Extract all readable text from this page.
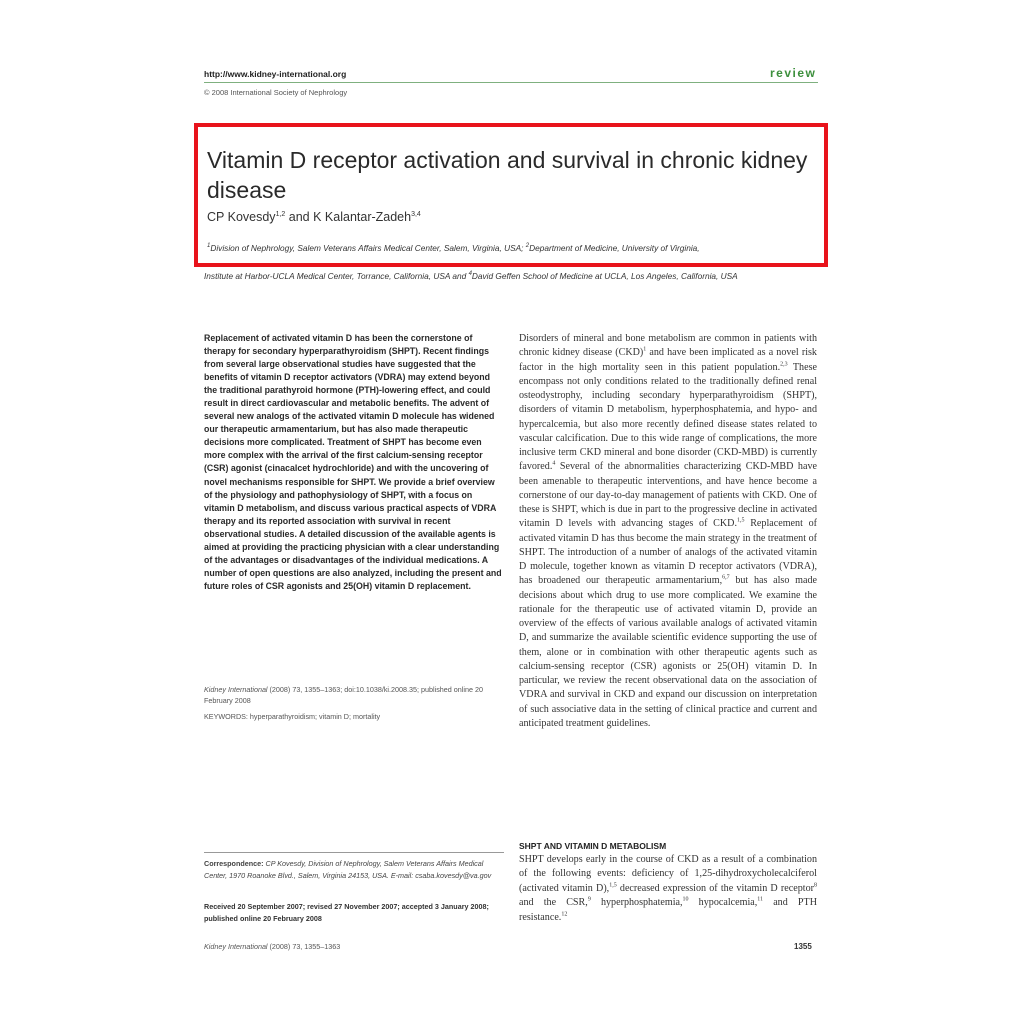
http://www.kidney-international.org	review
© 2008 International Society of Nephrology
Vitamin D receptor activation and survival in chronic kidney disease
CP Kovesdy$^{1,2}$ and K Kalantar-Zadeh$^{3,4}$
$^1$Division of Nephrology, Salem Veterans Affairs Medical Center, Salem, Virginia, USA; $^2$Department of Medicine, University of Virginia,
Institute at Harbor-UCLA Medical Center, Torrance, California, USA and $^4$David Geffen School of Medicine at UCLA, Los Angeles, California, USA
Replacement of activated vitamin D has been the cornerstone of therapy for secondary hyperparathyroidism (SHPT). Recent findings from several large observational studies have suggested that the benefits of vitamin D receptor activators (VDRA) may extend beyond the traditional parathyroid hormone (PTH)-lowering effect, and could result in direct cardiovascular and metabolic benefits. The advent of several new analogs of the activated vitamin D molecule has widened our therapeutic armamentarium, but has also made therapeutic decisions more complicated. Treatment of SHPT has become even more complex with the arrival of the first calcium-sensing receptor (CSR) agonist (cinacalcet hydrochloride) and with the uncovering of novel mechanisms responsible for SHPT. We provide a brief overview of the physiology and pathophysiology of SHPT, with a focus on vitamin D metabolism, and discuss various practical aspects of VDRA therapy and its reported association with survival in recent observational studies. A detailed discussion of the available agents is aimed at providing the practicing physician with a clear understanding of the advantages or disadvantages of the individual medications. A number of open questions are also analyzed, including the present and future roles of CSR agonists and 25(OH) vitamin D replacement.
Kidney International (2008) 73, 1355–1363; doi:10.1038/ki.2008.35; published online 20 February 2008
KEYWORDS: hyperparathyroidism; vitamin D; mortality
Correspondence: CP Kovesdy, Division of Nephrology, Salem Veterans Affairs Medical Center, 1970 Roanoke Blvd., Salem, Virginia 24153, USA. E-mail: csaba.kovesdy@va.gov
Received 20 September 2007; revised 27 November 2007; accepted 3 January 2008; published online 20 February 2008
Disorders of mineral and bone metabolism are common in patients with chronic kidney disease (CKD)$^1$ and have been implicated as a novel risk factor in the high mortality seen in this patient population.$^{2,3}$ These encompass not only conditions related to the traditionally defined renal osteodystrophy, including secondary hyperparathyroidism (SHPT), disorders of vitamin D metabolism, hyperphosphatemia, and hypo- and hypercalcemia, but also more recently defined disease states related to vascular calcification. Due to this wide range of complications, the more inclusive term CKD mineral and bone disorder (CKD-MBD) is currently favored.$^4$ Several of the abnormalities characterizing CKD-MBD have been amenable to therapeutic interventions, and have hence become a cornerstone of our day-to-day management of patients with CKD. One of these is SHPT, which is due in part to the progressive decline in activated vitamin D levels with advancing stages of CKD.$^{1,5}$ Replacement of activated vitamin D has thus become the main strategy in the treatment of SHPT. The introduction of a number of analogs of the activated vitamin D molecule, together known as vitamin D receptor activators (VDRA), has broadened our therapeutic armamentarium,$^{6,7}$ but has also made decisions about which drug to use more complicated. We examine the rationale for the therapeutic use of activated vitamin D, provide an overview of the effects of various available analogs of activated vitamin D, and summarize the available scientific evidence supporting the use of them, alone or in combination with other therapeutic agents such as calcium-sensing receptor (CSR) agonists or 25(OH) vitamin D. In particular, we review the recent observational data on the association of VDRA and survival in CKD and expand our discussion on interpretation of such associative data in the setting of clinical practice and current and anticipated treatment guidelines.
SHPT AND VITAMIN D METABOLISM
SHPT develops early in the course of CKD as a result of a combination of the following events: deficiency of 1,25-dihydroxycholecalciferol (activated vitamin D),$^{1,5}$ decreased expression of the vitamin D receptor$^8$ and the CSR,$^9$ hyperphosphatemia,$^{10}$ hypocalcemia,$^{11}$ and PTH resistance.$^{12}$
Kidney International (2008) 73, 1355–1363	1355
